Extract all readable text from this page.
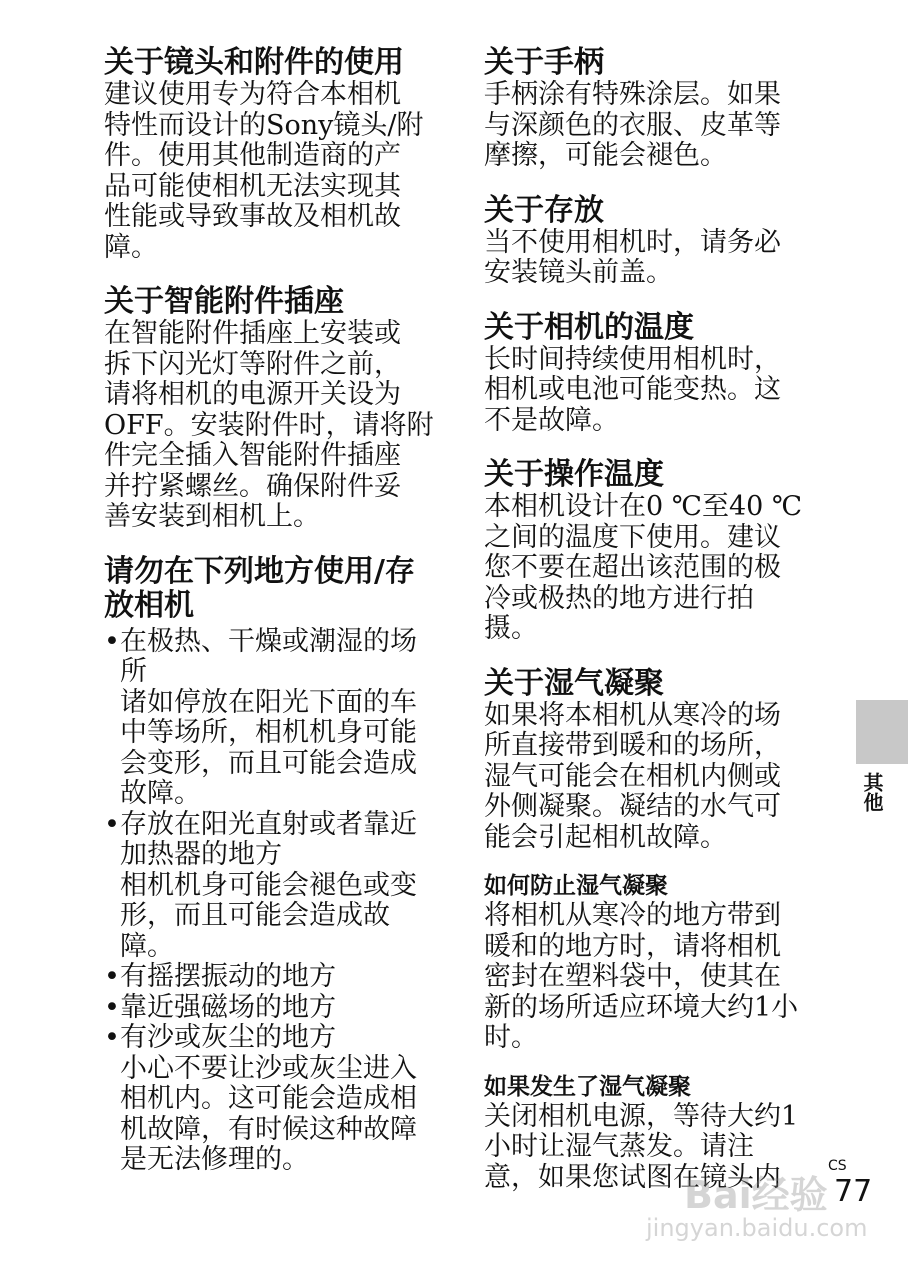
关于镜头和附件的使用

建议使用专为符合本相机

特性而设计的Sony镜头/附

件。使用其他制造商的产

品可能使相机无法实现其

性能或导致事故及相机故

障。

关于智能附件插座

在智能附件插座上安装或

拆下闪光灯等附件之前，

请将相机的电源开关设为

OFF。安装附件时，请将附

件完全插入智能附件插座

并拧紧螺丝。确保附件妥

善安装到相机上。

请勿在下列地方使用/存
放相机
• 在极热、干燥或潮湿的场

所

诸如停放在阳光下面的车

中等场所，相机机身可能

会变形，而且可能会造成

故障。

• 存放在阳光直射或者靠近

加热器的地方

相机机身可能会褪色或变

形，而且可能会造成故

障。

• 有摇摆振动的地方

• 靠近强磁场的地方

• 有沙或灰尘的地方

小心不要让沙或灰尘进入

相机内。这可能会造成相

机故障，有时候这种故障

是无法修理的。

关于手柄

手柄涂有特殊涂层。如果

与深颜色的衣服、皮革等

摩擦，可能会褪色。

关于存放

当不使用相机时，请务必

安装镜头前盖。

关于相机的温度

长时间持续使用相机时，

相机或电池可能变热。这

不是故障。

关于操作温度

本相机设计在0 ℃至40 ℃

之间的温度下使用。建议

您不要在超出该范围的极

冷或极热的地方进行拍

摄。

关于湿气凝聚

如果将本相机从寒冷的场

所直接带到暖和的场所，

湿气可能会在相机内侧或

外侧凝聚。凝结的水气可

能会引起相机故障。

如何防止湿气凝聚

将相机从寒冷的地方带到

暖和的地方时，请将相机

密封在塑料袋中，使其在

新的场所适应环境大约1小

时。

如果发生了湿气凝聚

关闭相机电源，等待大约1

小时让湿气蒸发。请注

意，如果您试图在镜头内

其他
CS
77
Bai经验
jingyan.baidu.com
